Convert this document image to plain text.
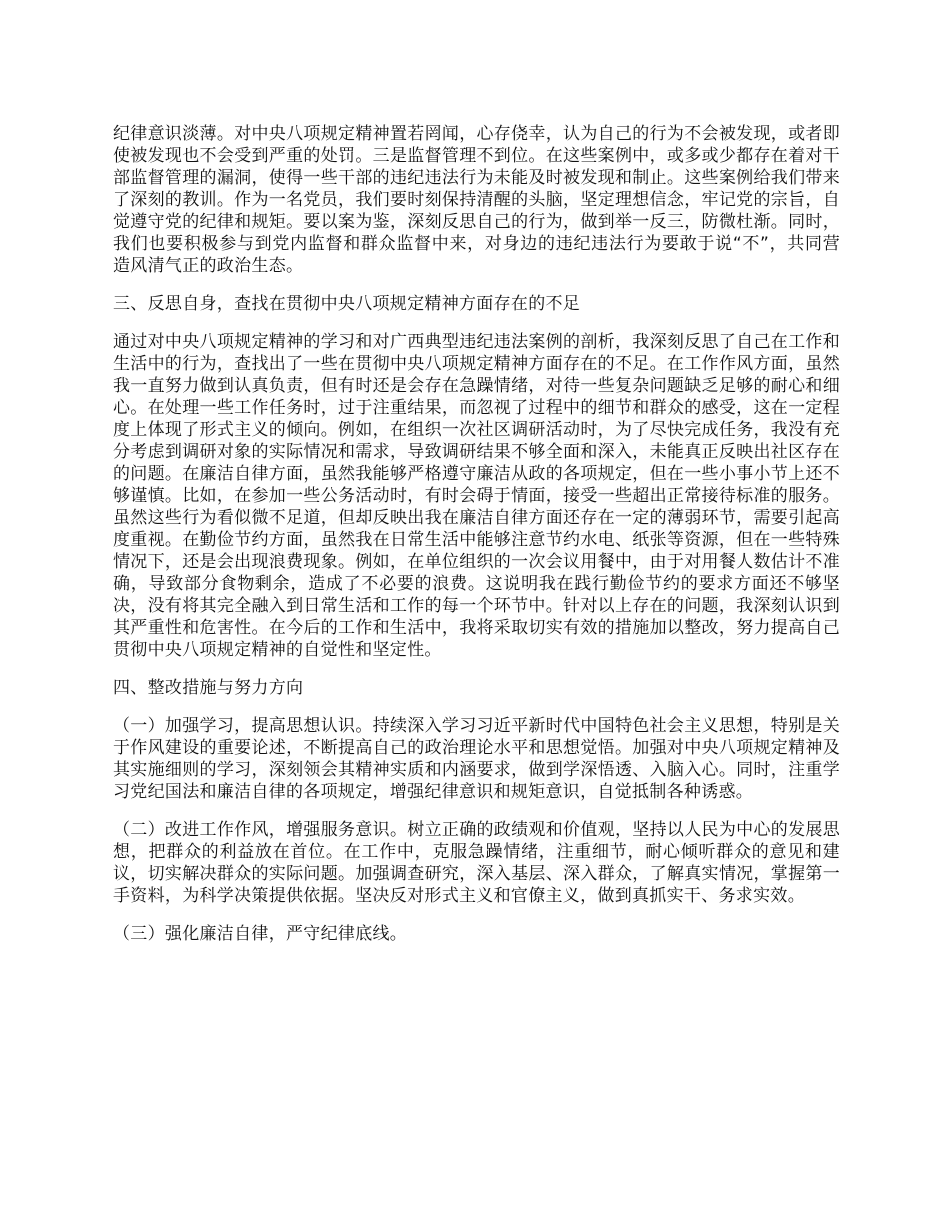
纪律意识淡薄。对中央八项规定精神置若罔闻，心存侥幸，认为自己的行为不会被发现，或者即使被发现也不会受到严重的处罚。三是监督管理不到位。在这些案例中，或多或少都存在着对干部监督管理的漏洞，使得一些干部的违纪违法行为未能及时被发现和制止。这些案例给我们带来了深刻的教训。作为一名党员，我们要时刻保持清醒的头脑，坚定理想信念，牢记党的宗旨，自觉遵守党的纪律和规矩。要以案为鉴，深刻反思自己的行为，做到举一反三，防微杜渐。同时，我们也要积极参与到党内监督和群众监督中来，对身边的违纪违法行为要敢于说“不”，共同营造风清气正的政治生态。

三、反思自身，查找在贯彻中央八项规定精神方面存在的不足

通过对中央八项规定精神的学习和对广西典型违纪违法案例的剖析，我深刻反思了自己在工作和生活中的行为，查找出了一些在贯彻中央八项规定精神方面存在的不足。在工作作风方面，虽然我一直努力做到认真负责，但有时还是会存在急躁情绪，对待一些复杂问题缺乏足够的耐心和细心。在处理一些工作任务时，过于注重结果，而忽视了过程中的细节和群众的感受，这在一定程度上体现了形式主义的倾向。例如，在组织一次社区调研活动时，为了尽快完成任务，我没有充分考虑到调研对象的实际情况和需求，导致调研结果不够全面和深入，未能真正反映出社区存在的问题。在廉洁自律方面，虽然我能够严格遵守廉洁从政的各项规定，但在一些小事小节上还不够谨慎。比如，在参加一些公务活动时，有时会碍于情面，接受一些超出正常接待标准的服务。虽然这些行为看似微不足道，但却反映出我在廉洁自律方面还存在一定的薄弱环节，需要引起高度重视。在勤俭节约方面，虽然我在日常生活中能够注意节约水电、纸张等资源，但在一些特殊情况下，还是会出现浪费现象。例如，在单位组织的一次会议用餐中，由于对用餐人数估计不准确，导致部分食物剩余，造成了不必要的浪费。这说明我在践行勤俭节约的要求方面还不够坚决，没有将其完全融入到日常生活和工作的每一个环节中。针对以上存在的问题，我深刻认识到其严重性和危害性。在今后的工作和生活中，我将采取切实有效的措施加以整改，努力提高自己贯彻中央八项规定精神的自觉性和坚定性。

四、整改措施与努力方向

（一）加强学习，提高思想认识。持续深入学习习近平新时代中国特色社会主义思想，特别是关于作风建设的重要论述，不断提高自己的政治理论水平和思想觉悟。加强对中央八项规定精神及其实施细则的学习，深刻领会其精神实质和内涵要求，做到学深悟透、入脑入心。同时，注重学习党纪国法和廉洁自律的各项规定，增强纪律意识和规矩意识，自觉抵制各种诱惑。

（二）改进工作作风，增强服务意识。树立正确的政绩观和价值观，坚持以人民为中心的发展思想，把群众的利益放在首位。在工作中，克服急躁情绪，注重细节，耐心倾听群众的意见和建议，切实解决群众的实际问题。加强调查研究，深入基层、深入群众，了解真实情况，掌握第一手资料，为科学决策提供依据。坚决反对形式主义和官僚主义，做到真抓实干、务求实效。

（三）强化廉洁自律，严守纪律底线。
